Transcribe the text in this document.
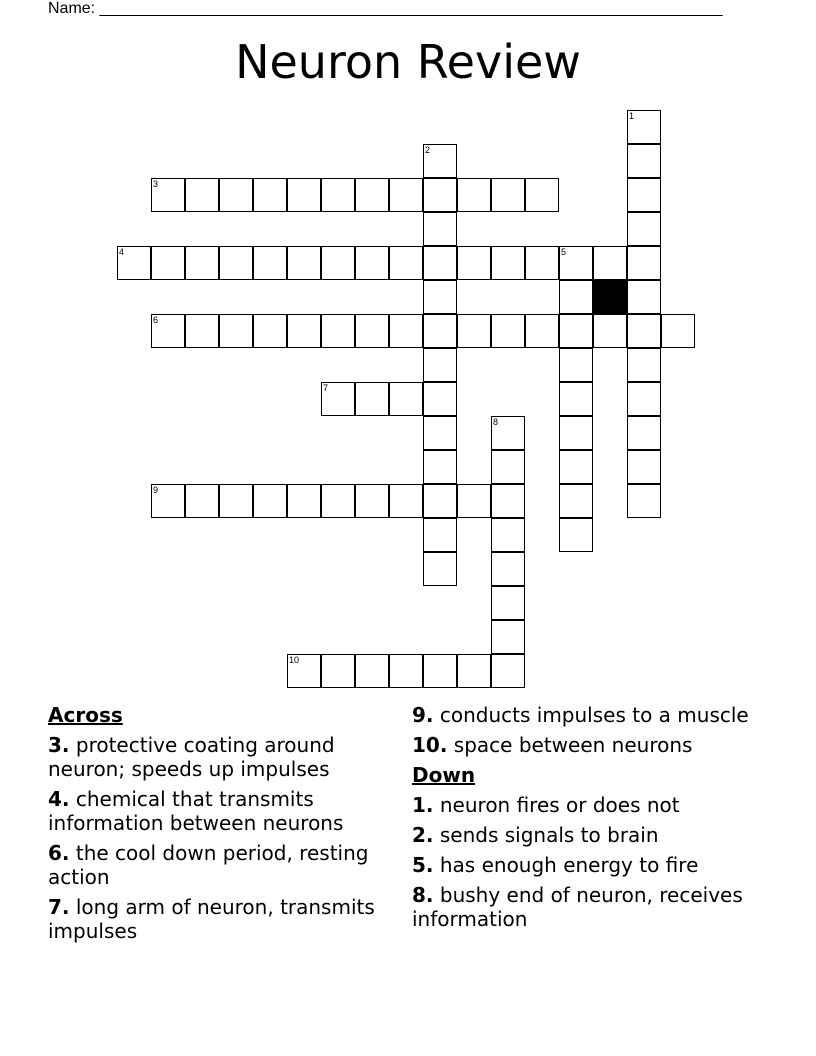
Name: ______________________________________________________________________
Neuron Review
1
2
3
4	5
6
7
8
9
10
Across
3. protective coating around neuron; speeds up impulses
4. chemical that transmits information between neurons
6. the cool down period, resting action
7. long arm of neuron, transmits impulses
9. conducts impulses to a muscle
10. space between neurons
Down
1. neuron fires or does not
2. sends signals to brain
5. has enough energy to fire
8. bushy end of neuron, receives information
